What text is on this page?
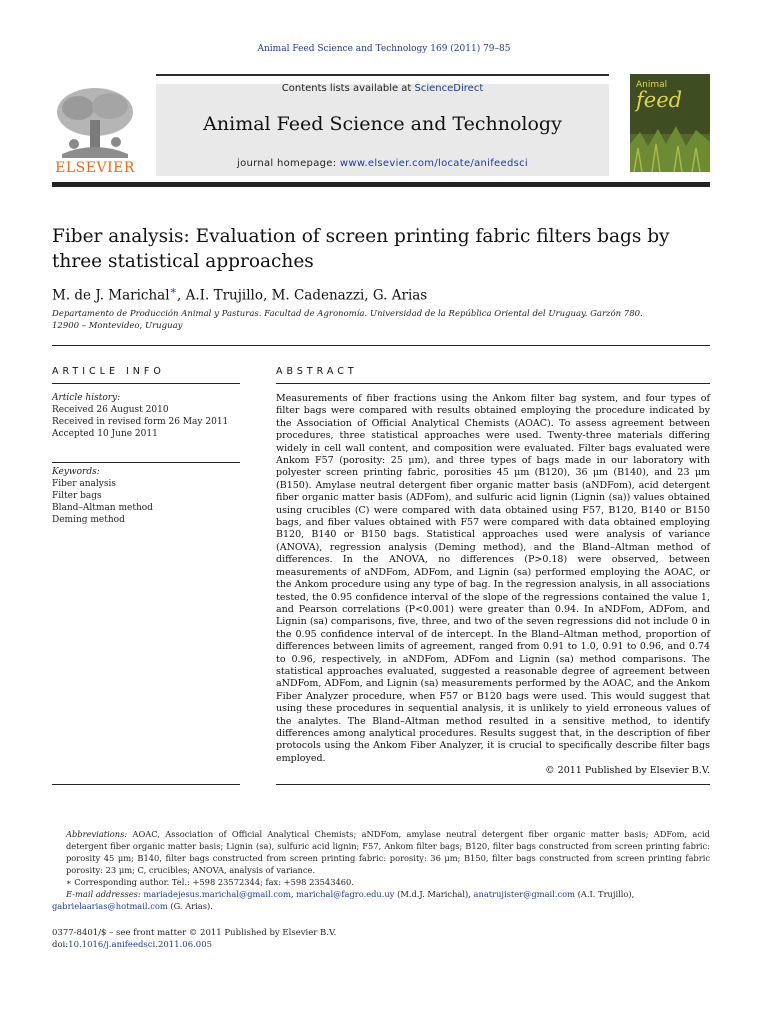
Animal Feed Science and Technology 169 (2011) 79–85
ELSEVIER
Contents lists available at ScienceDirect
Animal Feed Science and Technology
journal homepage: www.elsevier.com/locate/anifeedsci
Animal
feed
Fiber analysis: Evaluation of screen printing fabric filters bags by three statistical approaches
M. de J. Marichal∗, A.I. Trujillo, M. Cadenazzi, G. Arias
Departamento de Producción Animal y Pasturas. Facultad de Agronomía. Universidad de la República Oriental del Uruguay. Garzón 780. 12900 – Montevideo, Uruguay
ARTICLE INFO
Article history:
Received 26 August 2010
Received in revised form 26 May 2011
Accepted 10 June 2011
Keywords:
Fiber analysis
Filter bags
Bland–Altman method
Deming method
ABSTRACT

Measurements of fiber fractions using the Ankom filter bag system, and four types of filter bags were compared with results obtained employing the procedure indicated by the Association of Official Analytical Chemists (AOAC). To assess agreement between procedures, three statistical approaches were used. Twenty-three materials differing widely in cell wall content, and composition were evaluated. Filter bags evaluated were Ankom F57 (porosity: 25 μm), and three types of bags made in our laboratory with polyester screen printing fabric, porosities 45 μm (B120), 36 μm (B140), and 23 μm (B150). Amylase neutral detergent fiber organic matter basis (aNDFom), acid detergent fiber organic matter basis (ADFom), and sulfuric acid lignin (Lignin (sa)) values obtained using crucibles (C) were compared with data obtained using F57, B120, B140 or B150 bags, and fiber values obtained with F57 were compared with data obtained employing B120, B140 or B150 bags. Statistical approaches used were analysis of variance (ANOVA), regression analysis (Deming method), and the Bland–Altman method of differences. In the ANOVA, no differences (P>0.18) were observed, between measurements of aNDFom, ADFom, and Lignin (sa) performed employing the AOAC, or the Ankom procedure using any type of bag. In the regression analysis, in all associations tested, the 0.95 confidence interval of the slope of the regressions contained the value 1, and Pearson correlations (P<0.001) were greater than 0.94. In aNDFom, ADFom, and Lignin (sa) comparisons, five, three, and two of the seven regressions did not include 0 in the 0.95 confidence interval of de intercept. In the Bland–Altman method, proportion of differences between limits of agreement, ranged from 0.91 to 1.0, 0.91 to 0.96, and 0.74 to 0.96, respectively, in aNDFom, ADFom and Lignin (sa) method comparisons. The statistical approaches evaluated, suggested a reasonable degree of agreement between aNDFom, ADFom, and Lignin (sa) measurements performed by the AOAC, and the Ankom Fiber Analyzer procedure, when F57 or B120 bags were used. This would suggest that using these procedures in sequential analysis, it is unlikely to yield erroneous values of the analytes. The Bland–Altman method resulted in a sensitive method, to identify differences among analytical procedures. Results suggest that, in the description of fiber protocols using the Ankom Fiber Analyzer, it is crucial to specifically describe filter bags employed.

© 2011 Published by Elsevier B.V.

Abbreviations: AOAC, Association of Official Analytical Chemists; aNDFom, amylase neutral detergent fiber organic matter basis; ADFom, acid detergent fiber organic matter basis; Lignin (sa), sulfuric acid lignin; F57, Ankom filter bags; B120, filter bags constructed from screen printing fabric: porosity 45 μm; B140, filter bags constructed from screen printing fabric: porosity: 36 μm; B150, filter bags constructed from screen printing fabric porosity: 23 μm; C, crucibles; ANOVA, analysis of variance.

∗ Corresponding author. Tel.: +598 23572344; fax: +598 23543460.

E-mail addresses: mariadejesus.marichal@gmail.com, marichal@fagro.edu.uy (M.d.J. Marichal), anatrujister@gmail.com (A.I. Trujillo),

gabrielaarias@hotmail.com (G. Arias).

0377-8401/$ – see front matter © 2011 Published by Elsevier B.V.
doi:10.1016/j.anifeedsci.2011.06.005
